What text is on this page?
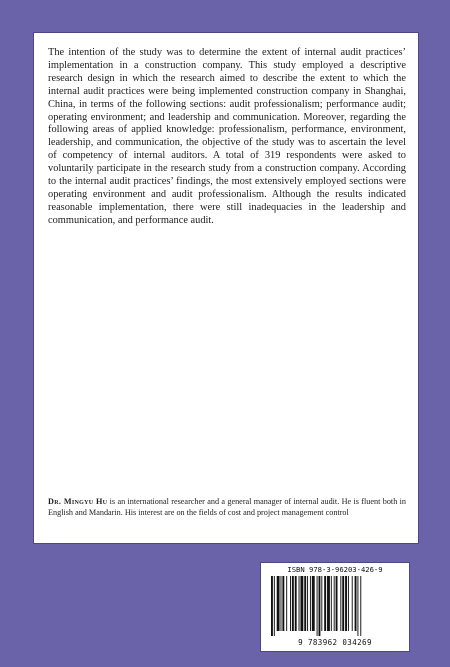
The intention of the study was to determine the extent of internal audit practices’ implementation in a construction company. This study employed a descriptive research design in which the research aimed to describe the extent to which the internal audit practices were being implemented construction company in Shanghai, China, in terms of the following sections: audit professionalism; performance audit; operating environment; and leadership and communication. Moreover, regarding the following areas of applied knowledge: professionalism, performance, environment, leadership, and communication, the objective of the study was to ascertain the level of competency of internal auditors. A total of 319 respondents were asked to voluntarily participate in the research study from a construction company. According to the internal audit practices’ findings, the most extensively employed sections were operating environment and audit professionalism. Although the results indicated reasonable implementation, there were still inadequacies in the leadership and communication, and performance audit.

Dr. Mingyu Hu is an international researcher and a general manager of internal audit. He is fluent both in English and Mandarin. His interest are on the fields of cost and project management control

ISBN 978-3-96203-426-9
9 783962 034269
